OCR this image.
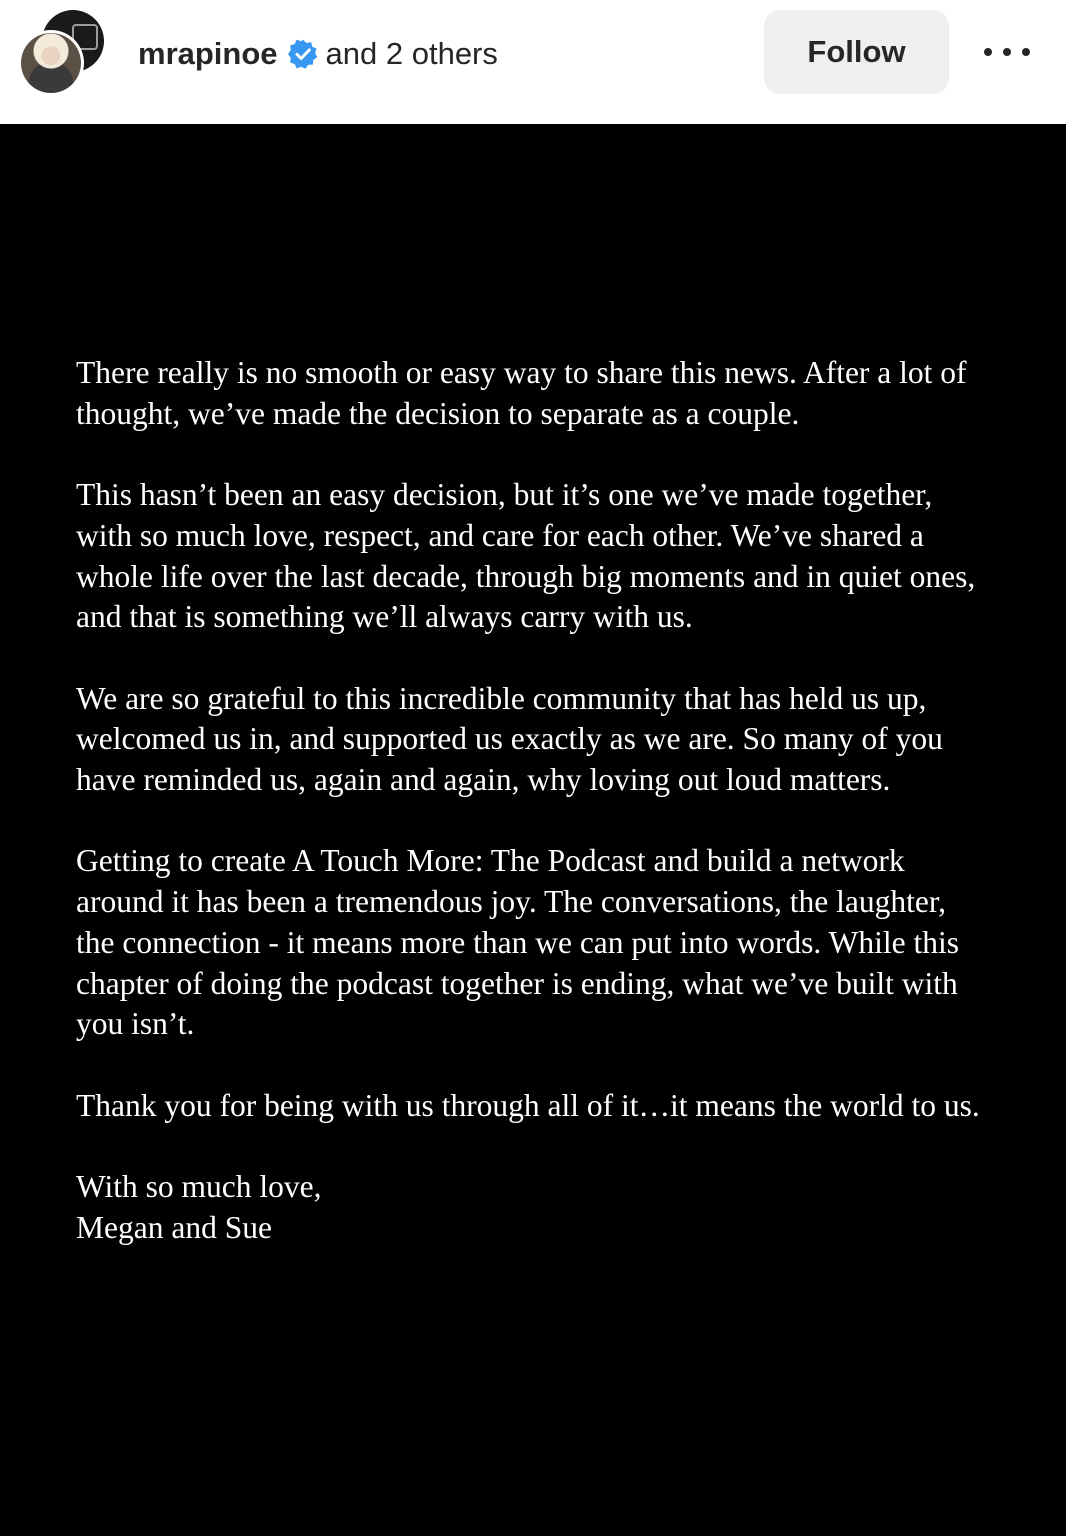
mrapinoe and 2 others	Follow

There really is no smooth or easy way to share this news. After a lot of thought, we’ve made the decision to separate as a couple.

This hasn’t been an easy decision, but it’s one we’ve made together, with so much love, respect, and care for each other. We’ve shared a whole life over the last decade, through big moments and in quiet ones, and that is something we’ll always carry with us.

We are so grateful to this incredible community that has held us up, welcomed us in, and supported us exactly as we are. So many of you have reminded us, again and again, why loving out loud matters.

Getting to create A Touch More: The Podcast and build a network around it has been a tremendous joy. The conversations, the laughter, the connection - it means more than we can put into words. While this chapter of doing the podcast together is ending, what we’ve built with you isn’t.

Thank you for being with us through all of it…it means the world to us.

With so much love,

Megan and Sue
